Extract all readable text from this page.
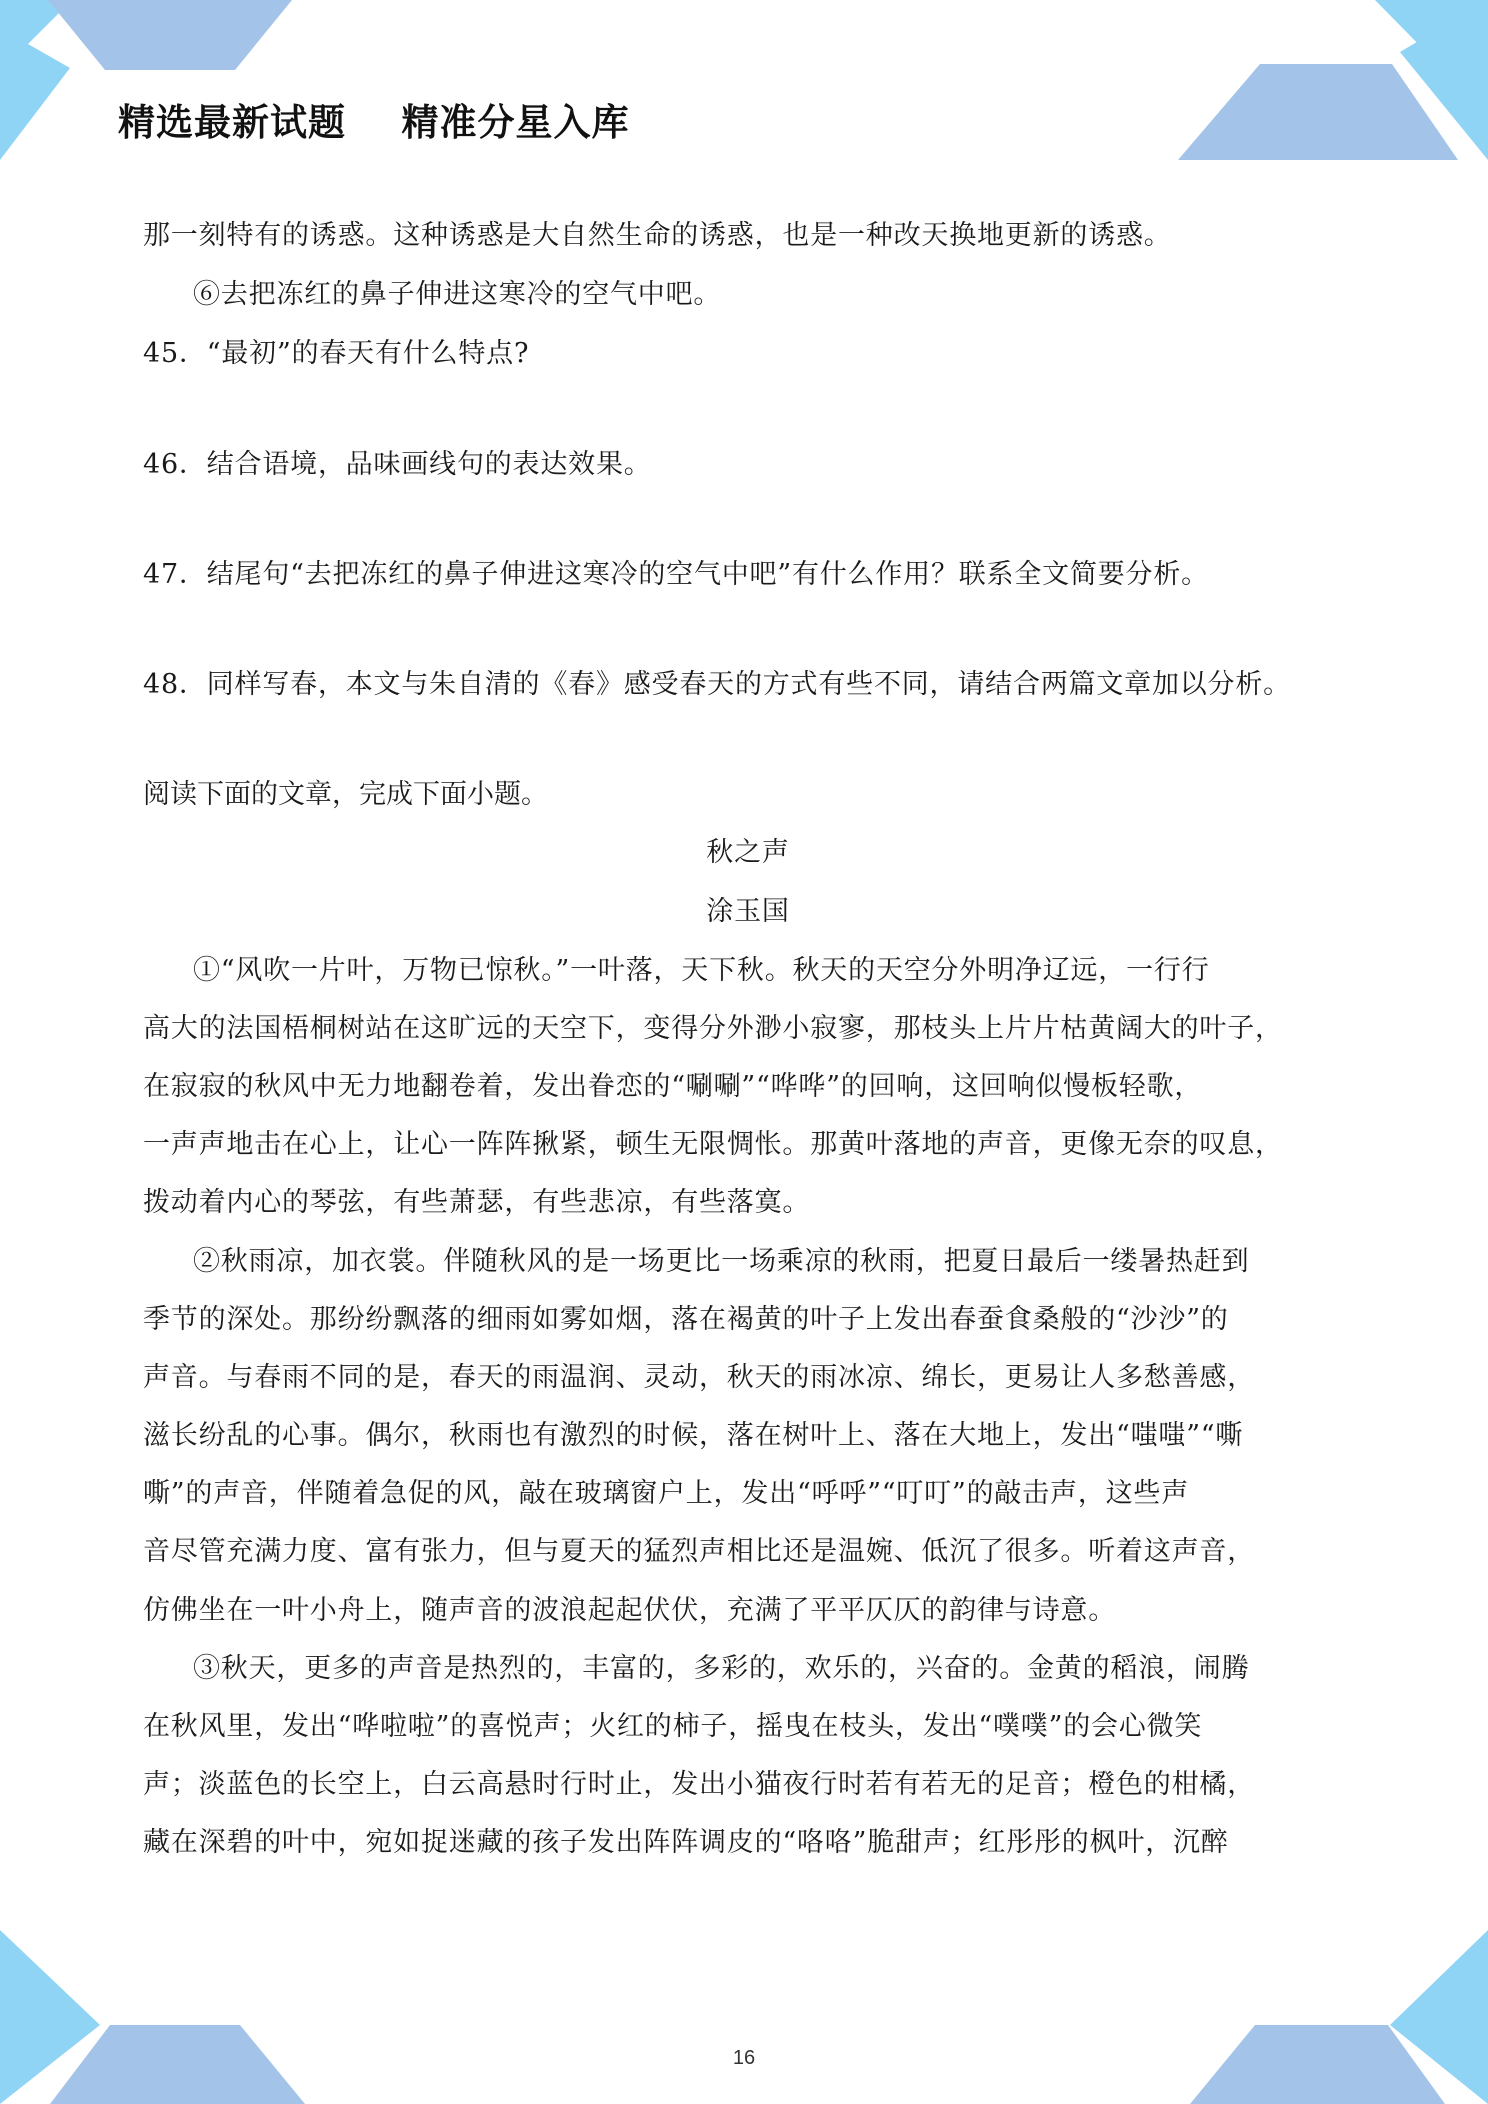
精选最新试题    精准分星入库

那一刻特有的诱惑。这种诱惑是大自然生命的诱惑，也是一种改天换地更新的诱惑。

⑥去把冻红的鼻子伸进这寒冷的空气中吧。

45．“最初”的春天有什么特点?

46．结合语境，品味画线句的表达效果。

47．结尾句“去把冻红的鼻子伸进这寒冷的空气中吧”有什么作用？联系全文简要分析。

48．同样写春，本文与朱自清的《春》感受春天的方式有些不同，请结合两篇文章加以分析。

阅读下面的文章，完成下面小题。

秋之声

涂玉国

①“风吹一片叶，万物已惊秋。”一叶落，天下秋。秋天的天空分外明净辽远，一行行

高大的法国梧桐树站在这旷远的天空下，变得分外渺小寂寥，那枝头上片片枯黄阔大的叶子，

在寂寂的秋风中无力地翻卷着，发出眷恋的“唰唰”“哗哗”的回响，这回响似慢板轻歌，

一声声地击在心上，让心一阵阵揪紧，顿生无限惆怅。那黄叶落地的声音，更像无奈的叹息，

拨动着内心的琴弦，有些萧瑟，有些悲凉，有些落寞。

②秋雨凉，加衣裳。伴随秋风的是一场更比一场乘凉的秋雨，把夏日最后一缕暑热赶到

季节的深处。那纷纷飘落的细雨如雾如烟，落在褐黄的叶子上发出春蚕食桑般的“沙沙”的

声音。与春雨不同的是，春天的雨温润、灵动，秋天的雨冰凉、绵长，更易让人多愁善感，

滋长纷乱的心事。偶尔，秋雨也有激烈的时候，落在树叶上、落在大地上，发出“嗤嗤”“嘶

嘶”的声音，伴随着急促的风，敲在玻璃窗户上，发出“呼呼”“叮叮”的敲击声，这些声

音尽管充满力度、富有张力，但与夏天的猛烈声相比还是温婉、低沉了很多。听着这声音，

仿佛坐在一叶小舟上，随声音的波浪起起伏伏，充满了平平仄仄的韵律与诗意。

③秋天，更多的声音是热烈的，丰富的，多彩的，欢乐的，兴奋的。金黄的稻浪，闹腾

在秋风里，发出“哗啦啦”的喜悦声；火红的柿子，摇曳在枝头，发出“噗噗”的会心微笑

声；淡蓝色的长空上，白云高悬时行时止，发出小猫夜行时若有若无的足音；橙色的柑橘，

藏在深碧的叶中，宛如捉迷藏的孩子发出阵阵调皮的“咯咯”脆甜声；红彤彤的枫叶，沉醉

16
